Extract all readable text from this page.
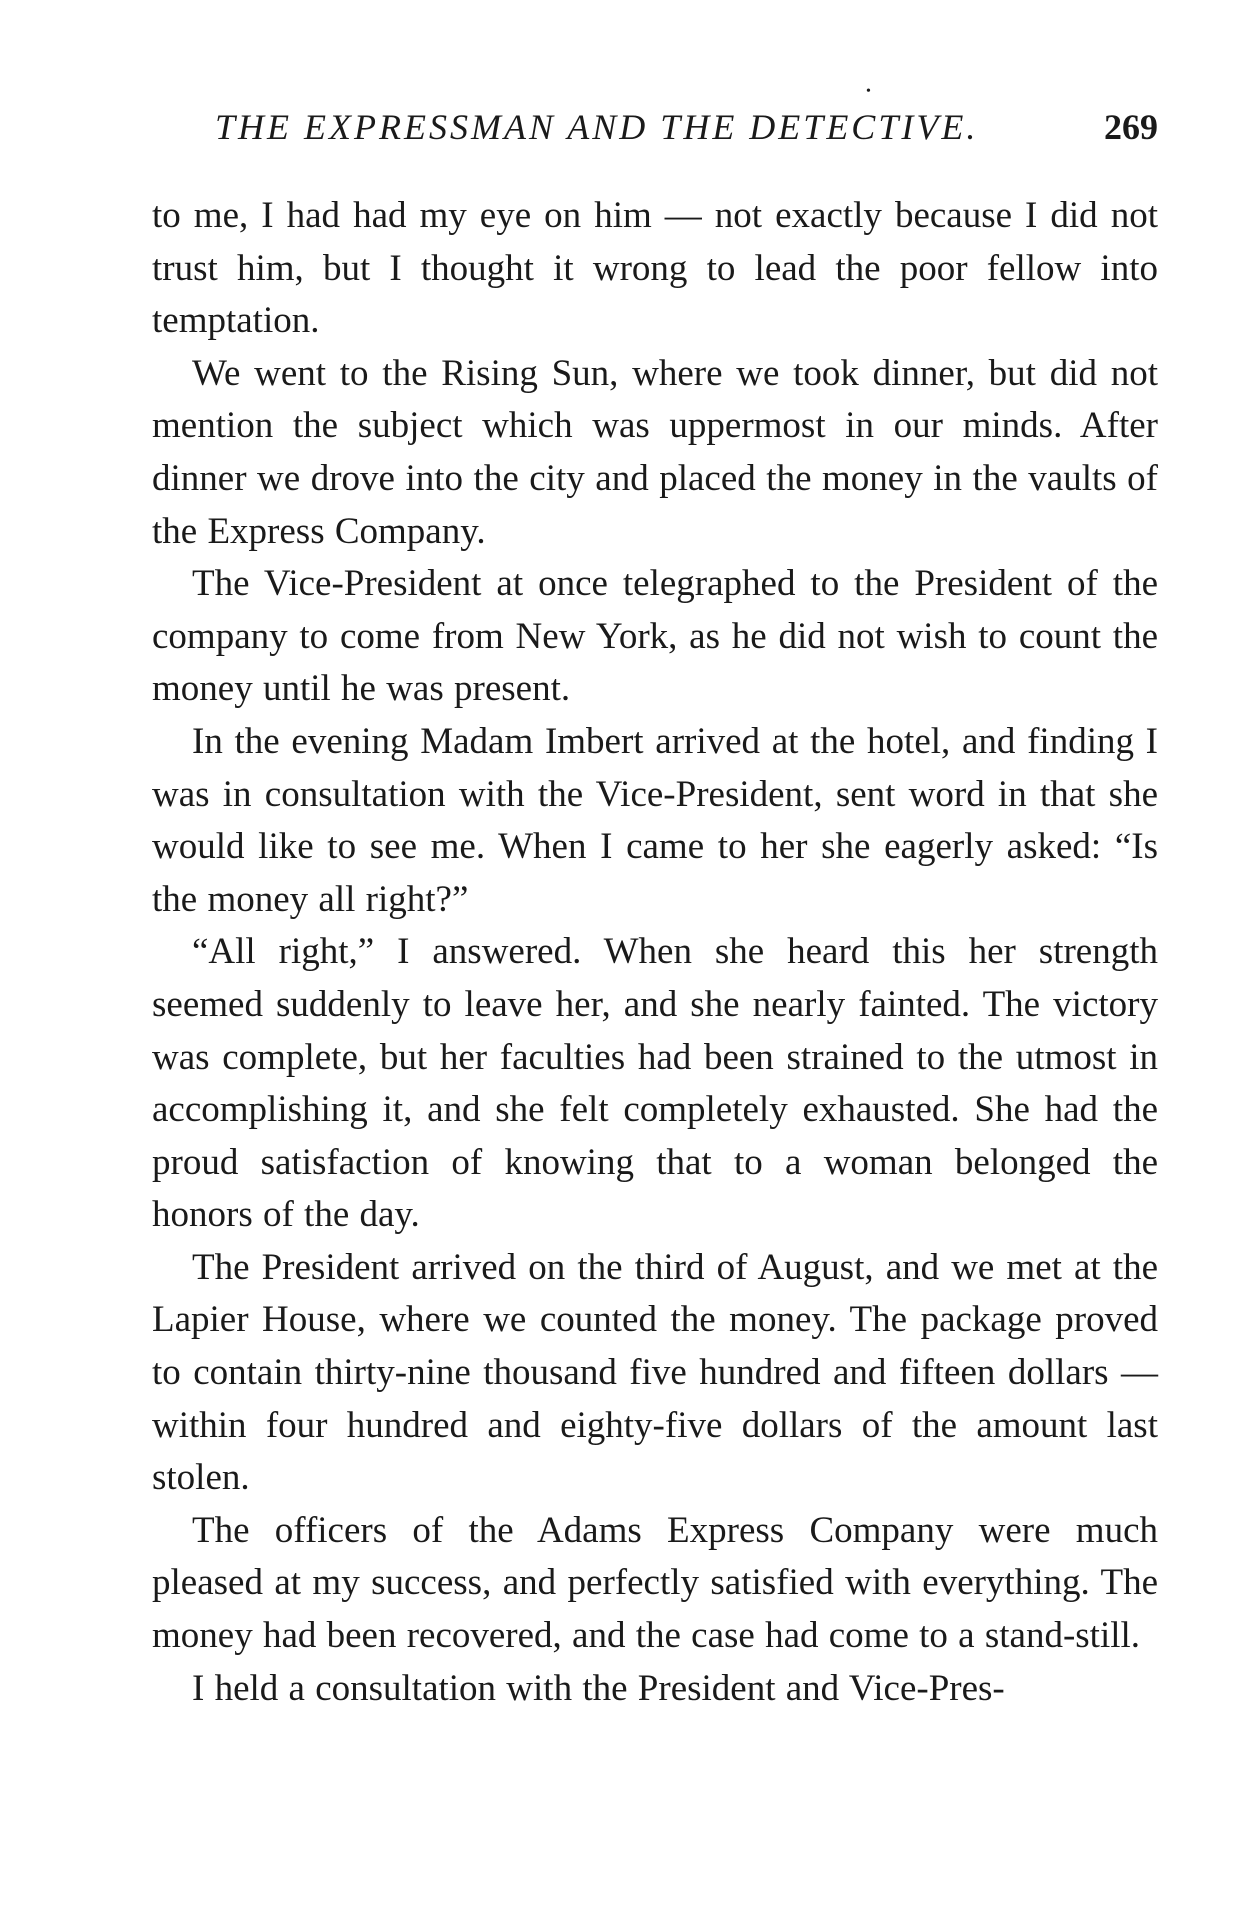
•
THE EXPRESSMAN AND THE DETECTIVE.	269

to me, I had had my eye on him — not exactly because I did not trust him, but I thought it wrong to lead the poor fellow into temptation.

We went to the Rising Sun, where we took dinner, but did not mention the subject which was uppermost in our minds. After dinner we drove into the city and placed the money in the vaults of the Express Company.

The Vice-President at once telegraphed to the President of the company to come from New York, as he did not wish to count the money until he was present.

In the evening Madam Imbert arrived at the hotel, and finding I was in consultation with the Vice-President, sent word in that she would like to see me. When I came to her she eagerly asked: “Is the money all right?”

“All right,” I answered. When she heard this her strength seemed suddenly to leave her, and she nearly fainted. The victory was complete, but her faculties had been strained to the utmost in accomplishing it, and she felt completely exhausted. She had the proud satisfaction of knowing that to a woman belonged the honors of the day.

The President arrived on the third of August, and we met at the Lapier House, where we counted the money. The package proved to contain thirty-nine thousand five hundred and fifteen dollars — within four hundred and eighty-five dollars of the amount last stolen.

The officers of the Adams Express Company were much pleased at my success, and perfectly satisfied with everything. The money had been recovered, and the case had come to a stand-still.

I held a consultation with the President and Vice-Pres-
